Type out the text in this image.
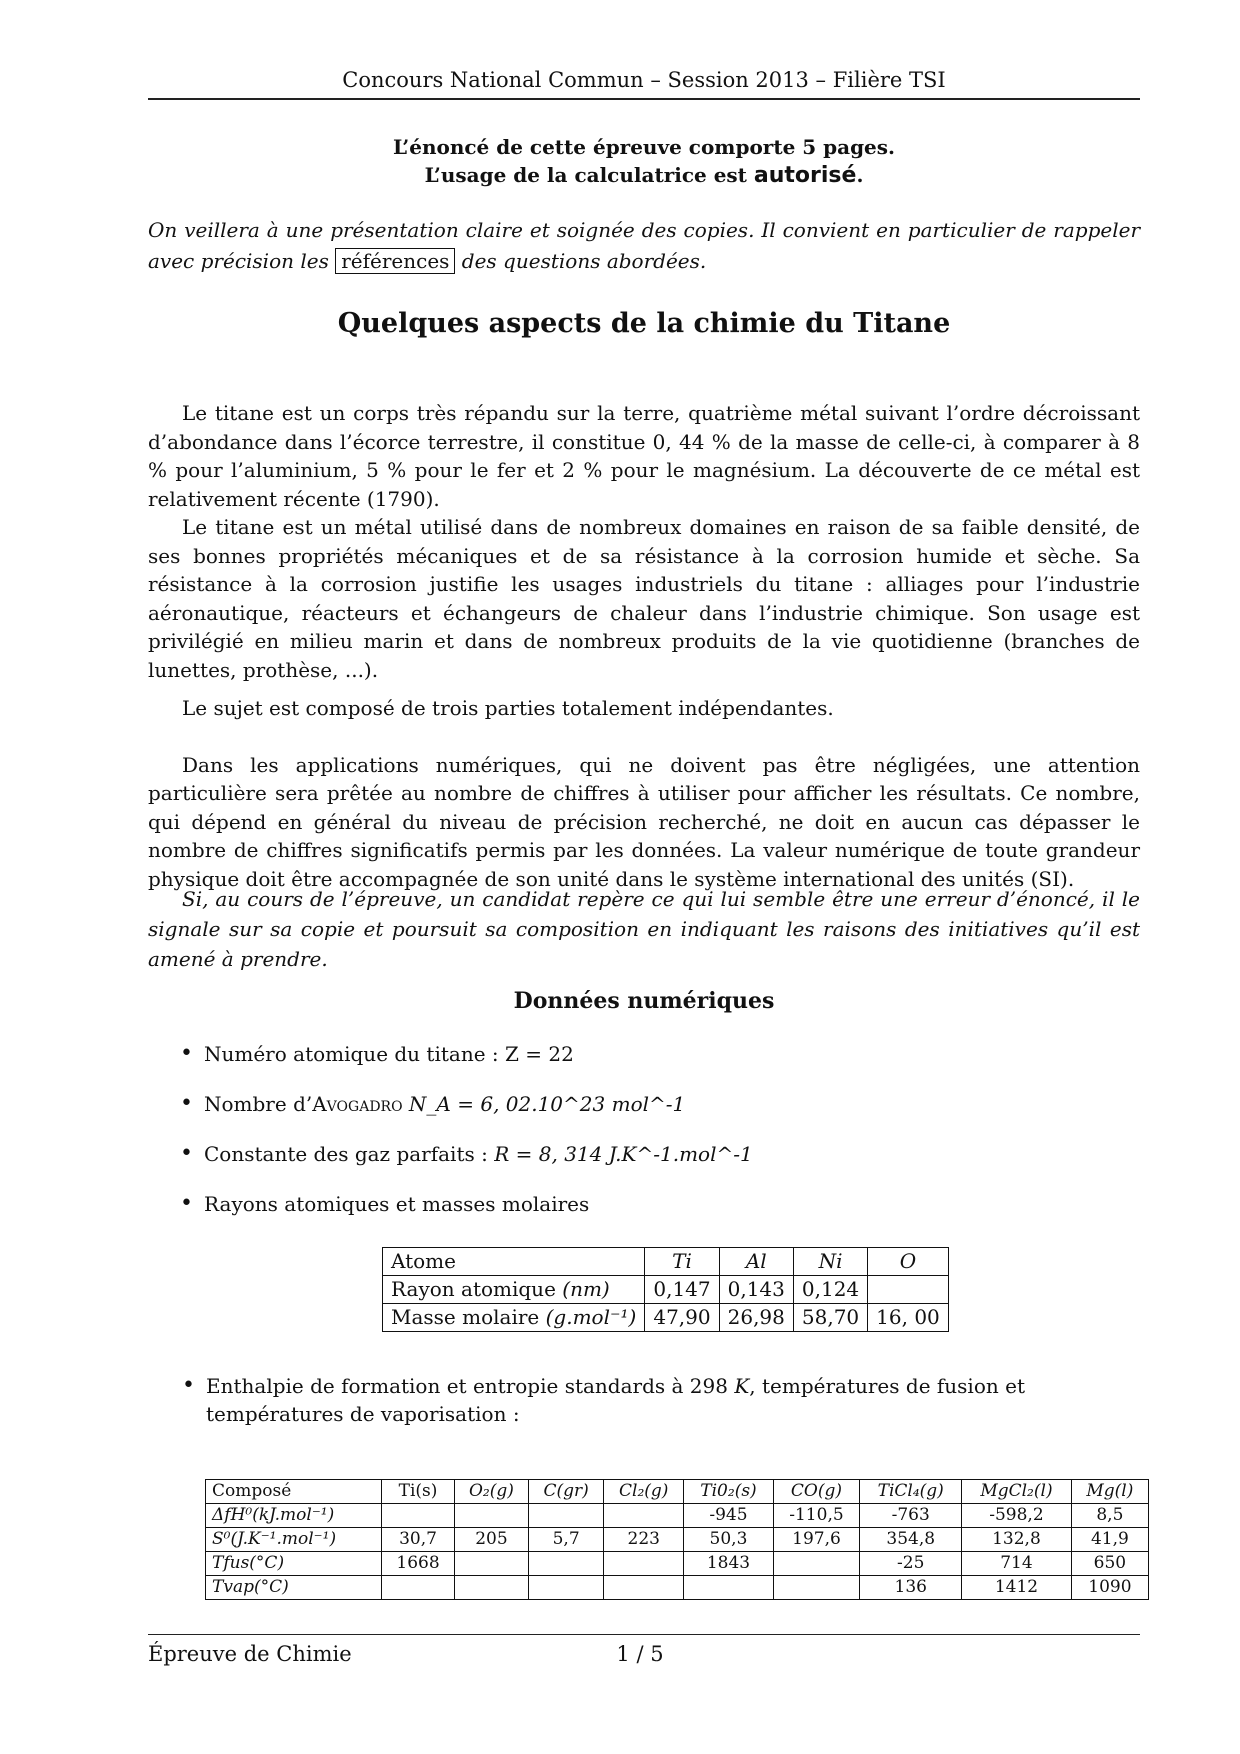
Concours National Commun – Session 2013 – Filière TSI
L’énoncé de cette épreuve comporte 5 pages.
L’usage de la calculatrice est autorisé.
On veillera à une présentation claire et soignée des copies. Il convient en particulier de rappeler avec précision les références des questions abordées.
Quelques aspects de la chimie du Titane

Le titane est un corps très répandu sur la terre, quatrième métal suivant l’ordre décroissant d’abondance dans l’écorce terrestre, il constitue 0, 44 % de la masse de celle-ci, à comparer à 8 % pour l’aluminium, 5 % pour le fer et 2 % pour le magnésium. La découverte de ce métal est relativement récente (1790).

Le titane est un métal utilisé dans de nombreux domaines en raison de sa faible densité, de ses bonnes propriétés mécaniques et de sa résistance à la corrosion humide et sèche. Sa résistance à la corrosion justifie les usages industriels du titane : alliages pour l’industrie aéronautique, réacteurs et échangeurs de chaleur dans l’industrie chimique. Son usage est privilégié en milieu marin et dans de nombreux produits de la vie quotidienne (branches de lunettes, prothèse, ...).

Le sujet est composé de trois parties totalement indépendantes.

Dans les applications numériques, qui ne doivent pas être négligées, une attention particulière sera prêtée au nombre de chiffres à utiliser pour afficher les résultats. Ce nombre, qui dépend en général du niveau de précision recherché, ne doit en aucun cas dépasser le nombre de chiffres significatifs permis par les données. La valeur numérique de toute grandeur physique doit être accompagnée de son unité dans le système international des unités (SI).

Si, au cours de l’épreuve, un candidat repère ce qui lui semble être une erreur d’énoncé, il le signale sur sa copie et poursuit sa composition en indiquant les raisons des initiatives qu’il est amené à prendre.
Données numériques
• Numéro atomique du titane : Z = 22
• Nombre d’Avogadro N_A = 6, 02.10^23 mol^-1
• Constante des gaz parfaits : R = 8, 314 J.K^-1.mol^-1
• Rayons atomiques et masses molaires
Atome	Ti	Al	Ni	O
Rayon atomique (nm)	0,147	0,143	0,124	
Masse molaire (g.mol⁻¹)	47,90	26,98	58,70	16, 00
• Enthalpie de formation et entropie standards à 298 K, températures de fusion et températures de vaporisation :
Composé	Ti(s)	O₂(g)	C(gr)	Cl₂(g)	Ti0₂(s)	CO(g)	TiCl₄(g)	MgCl₂(l)	Mg(l)
ΔfH⁰(kJ.mol⁻¹)					-945	-110,5	-763	-598,2	8,5
S⁰(J.K⁻¹.mol⁻¹)	30,7	205	5,7	223	50,3	197,6	354,8	132,8	41,9
Tfus(°C)	1668				1843		-25	714	650
Tvap(°C)							136	1412	1090
Épreuve de Chimie	1 / 5
